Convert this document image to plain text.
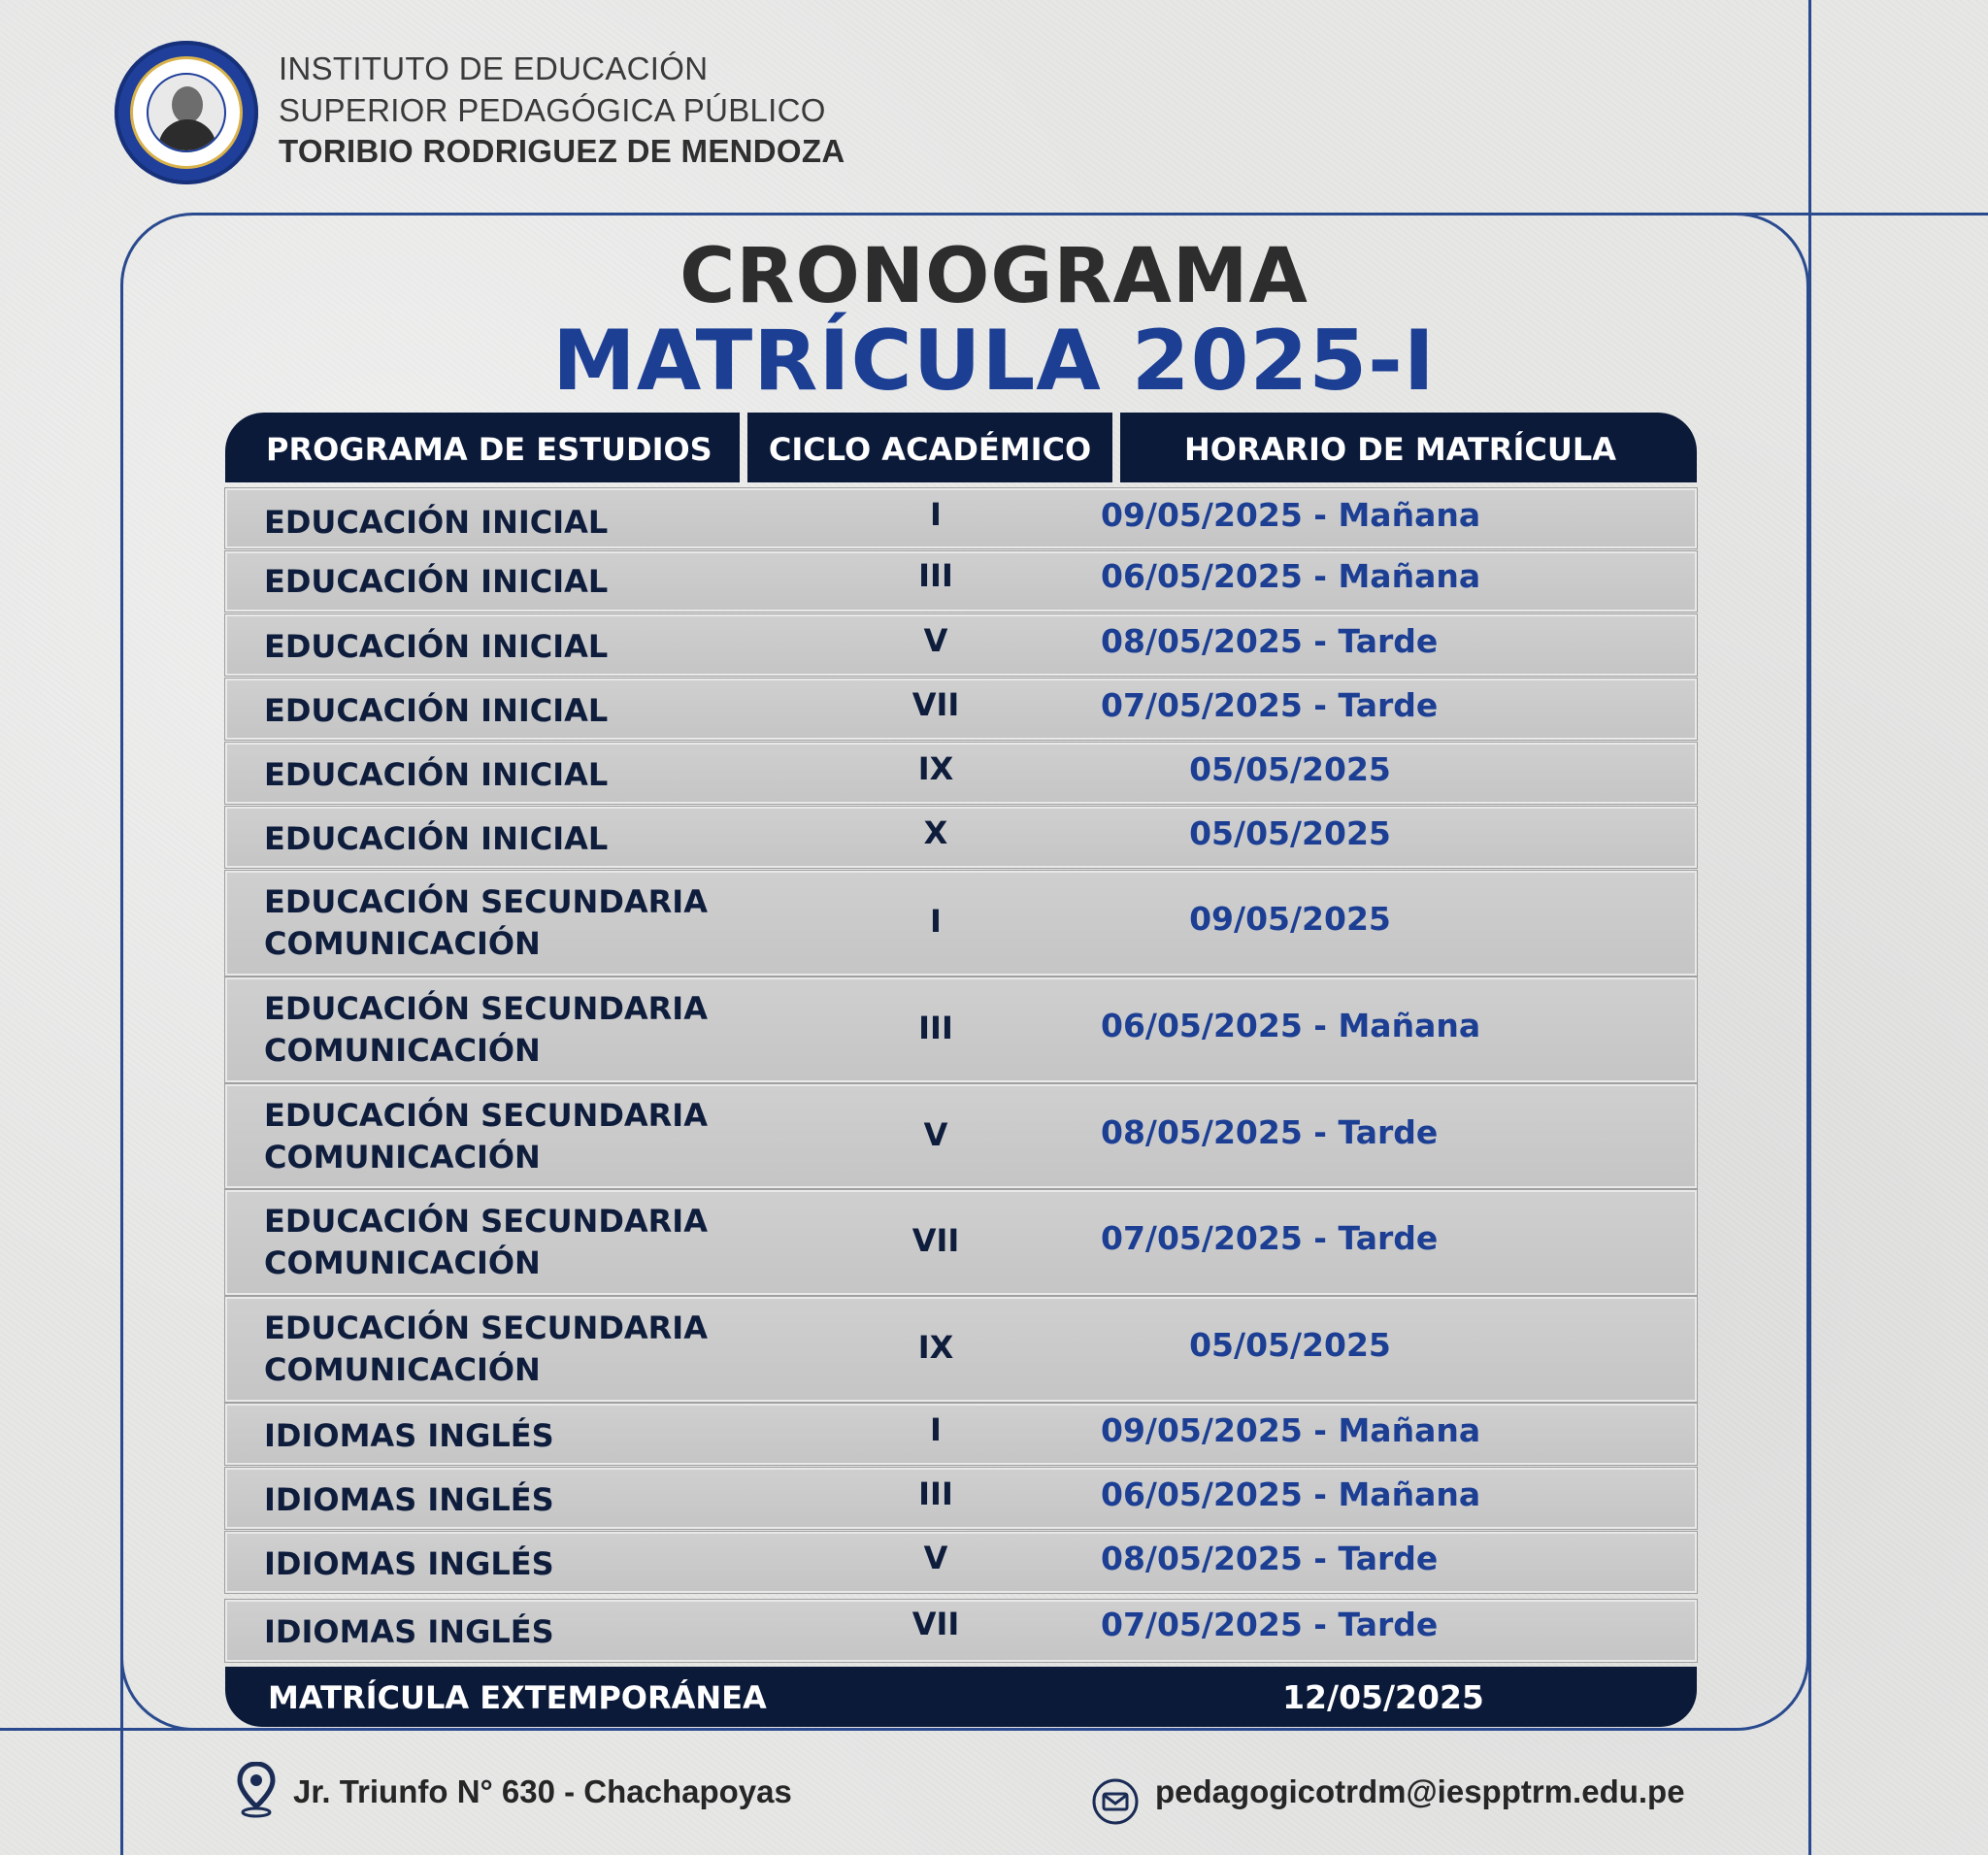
INSTITUTO DE EDUCACIÓN
SUPERIOR PEDAGÓGICA PÚBLICO
TORIBIO RODRIGUEZ DE MENDOZA
CRONOGRAMA
MATRÍCULA 2025-I
PROGRAMA DE ESTUDIOS	CICLO ACADÉMICO	HORARIO DE MATRÍCULA
EDUCACIÓN INICIAL	I	09/05/2025 - Mañana
EDUCACIÓN INICIAL	III	06/05/2025 - Mañana
EDUCACIÓN INICIAL	V	08/05/2025 - Tarde
EDUCACIÓN INICIAL	VII	07/05/2025 - Tarde
EDUCACIÓN INICIAL	IX	05/05/2025
EDUCACIÓN INICIAL	X	05/05/2025
EDUCACIÓN SECUNDARIA
COMUNICACIÓN
I	09/05/2025
EDUCACIÓN SECUNDARIA
COMUNICACIÓN
III	06/05/2025 - Mañana
EDUCACIÓN SECUNDARIA
COMUNICACIÓN
V	08/05/2025 - Tarde
EDUCACIÓN SECUNDARIA
COMUNICACIÓN
VII	07/05/2025 - Tarde
EDUCACIÓN SECUNDARIA
COMUNICACIÓN
IX	05/05/2025
IDIOMAS INGLÉS	I	09/05/2025 - Mañana
IDIOMAS INGLÉS	III	06/05/2025 - Mañana
IDIOMAS INGLÉS	V	08/05/2025 - Tarde
IDIOMAS INGLÉS	VII	07/05/2025 - Tarde
MATRÍCULA EXTEMPORÁNEA	12/05/2025
Jr. Triunfo N° 630 - Chachapoyas	pedagogicotrdm@iespptrm.edu.pe
